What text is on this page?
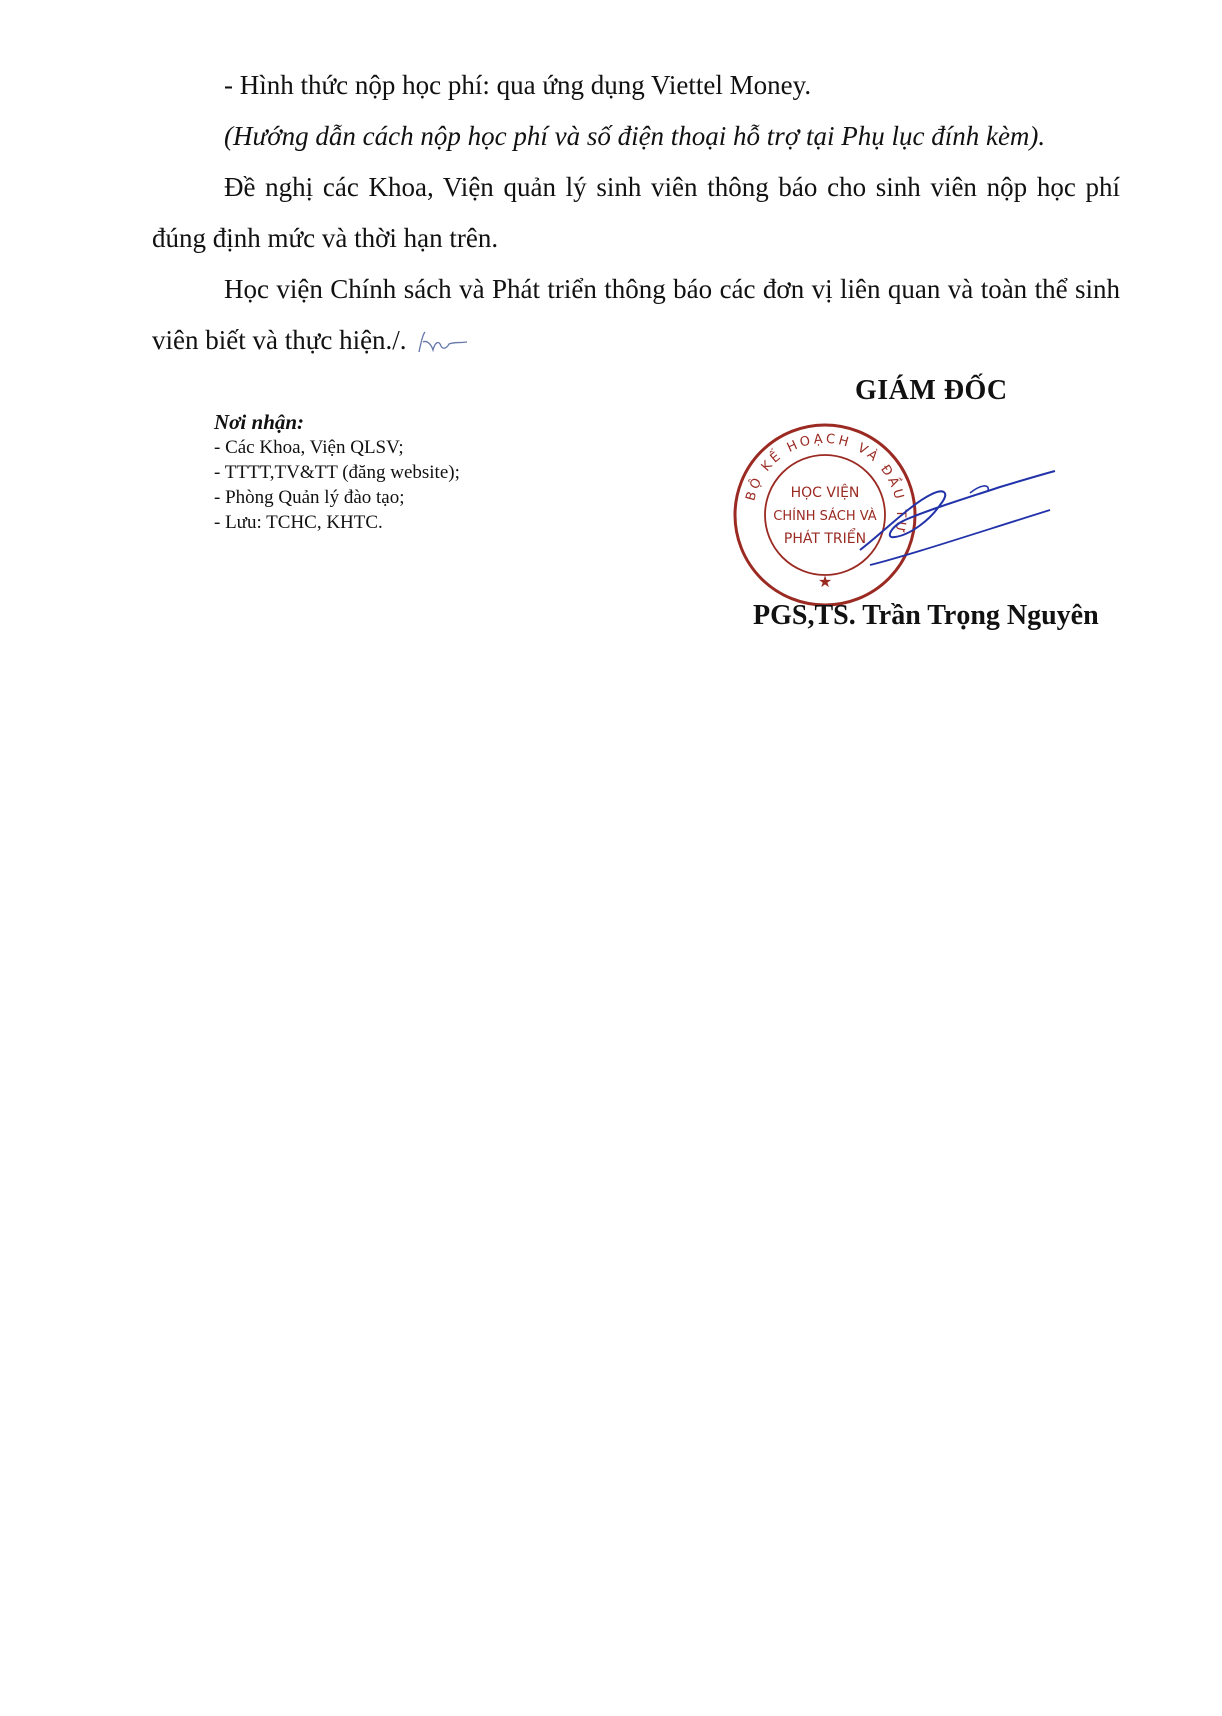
- Hình thức nộp học phí: qua ứng dụng Viettel Money.

(Hướng dẫn cách nộp học phí và số điện thoại hỗ trợ tại Phụ lục đính kèm).

Đề nghị các Khoa, Viện quản lý sinh viên thông báo cho sinh viên nộp học phí đúng định mức và thời hạn trên.

Học viện Chính sách và Phát triển thông báo các đơn vị liên quan và toàn thể sinh viên biết và thực hiện./.

Nơi nhận:
- Các Khoa, Viện QLSV;
- TTTT,TV&TT (đăng website);
- Phòng Quản lý đào tạo;
- Lưu: TCHC, KHTC.
GIÁM ĐỐC
BỘ KẾ HOẠCH VÀ ĐẦU TƯ
★
HỌC VIỆN
CHÍNH SÁCH VÀ
PHÁT TRIỂN
PGS,TS. Trần Trọng Nguyên
